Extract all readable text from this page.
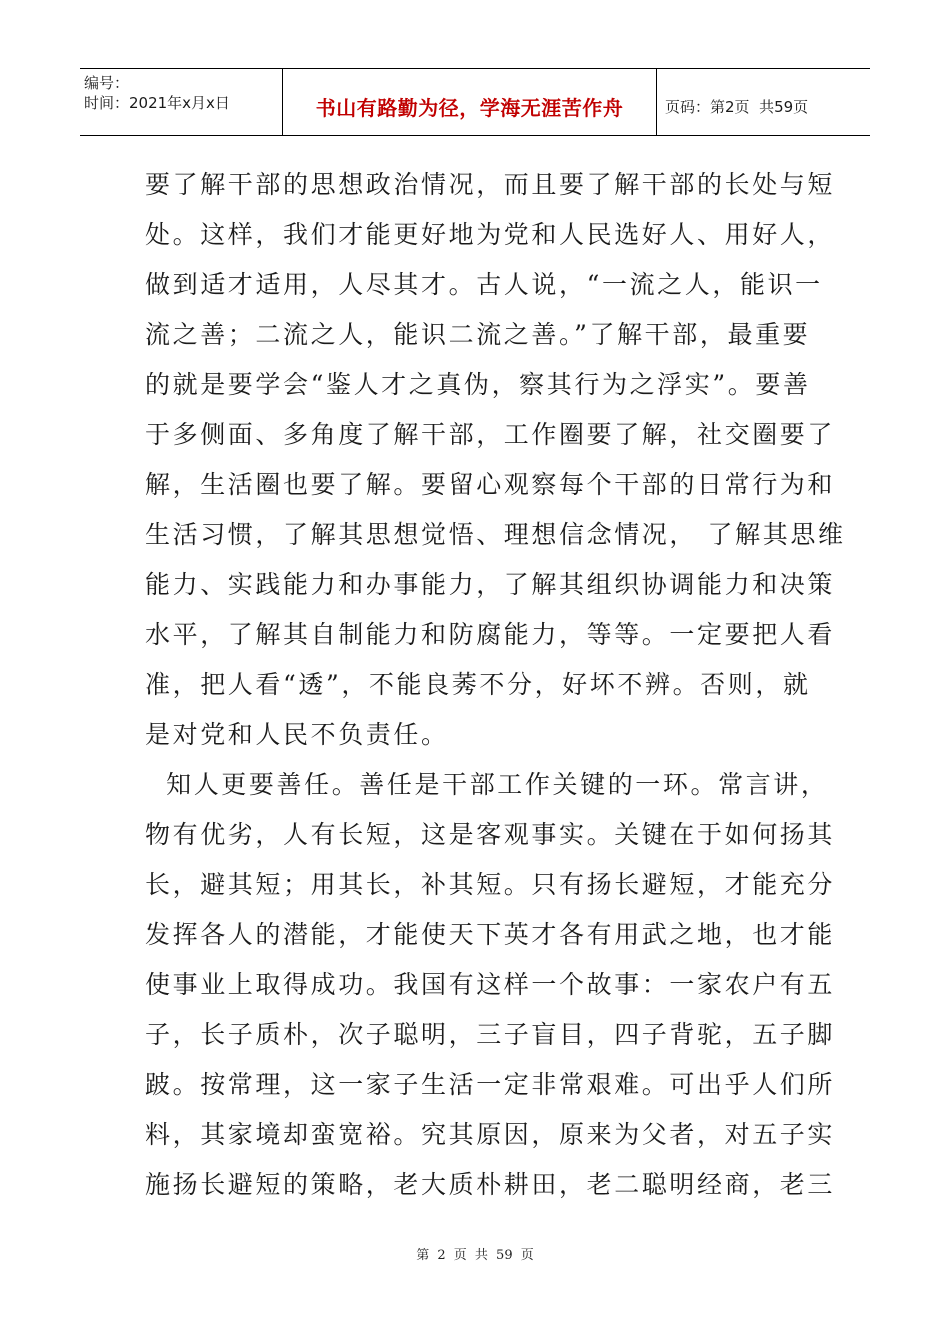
编号：
时间：2021年x月x日	书山有路勤为径，学海无涯苦作舟	页码：第2页  共59页
要了解干部的思想政治情况，而且要了解干部的长处与短
处。这样，我们才能更好地为党和人民选好人、用好人，
做到适才适用，人尽其才。古人说，“一流之人，能识一
流之善；二流之人，能识二流之善。”了解干部，最重要
的就是要学会“鉴人才之真伪，察其行为之浮实”。要善
于多侧面、多角度了解干部，工作圈要了解，社交圈要了
解，生活圈也要了解。要留心观察每个干部的日常行为和
生活习惯，了解其思想觉悟、理想信念情况， 了解其思维
能力、实践能力和办事能力，了解其组织协调能力和决策
水平，了解其自制能力和防腐能力，等等。一定要把人看
准，把人看“透”，不能良莠不分，好坏不辨。否则，就
是对党和人民不负责任。
知人更要善任。善任是干部工作关键的一环。常言讲，
物有优劣，人有长短，这是客观事实。关键在于如何扬其
长，避其短；用其长，补其短。只有扬长避短，才能充分
发挥各人的潜能，才能使天下英才各有用武之地，也才能
使事业上取得成功。我国有这样一个故事：一家农户有五
子，长子质朴，次子聪明，三子盲目，四子背驼，五子脚
跛。按常理，这一家子生活一定非常艰难。可出乎人们所
料，其家境却蛮宽裕。究其原因，原来为父者，对五子实
施扬长避短的策略，老大质朴耕田，老二聪明经商，老三
第 2 页 共 59 页
